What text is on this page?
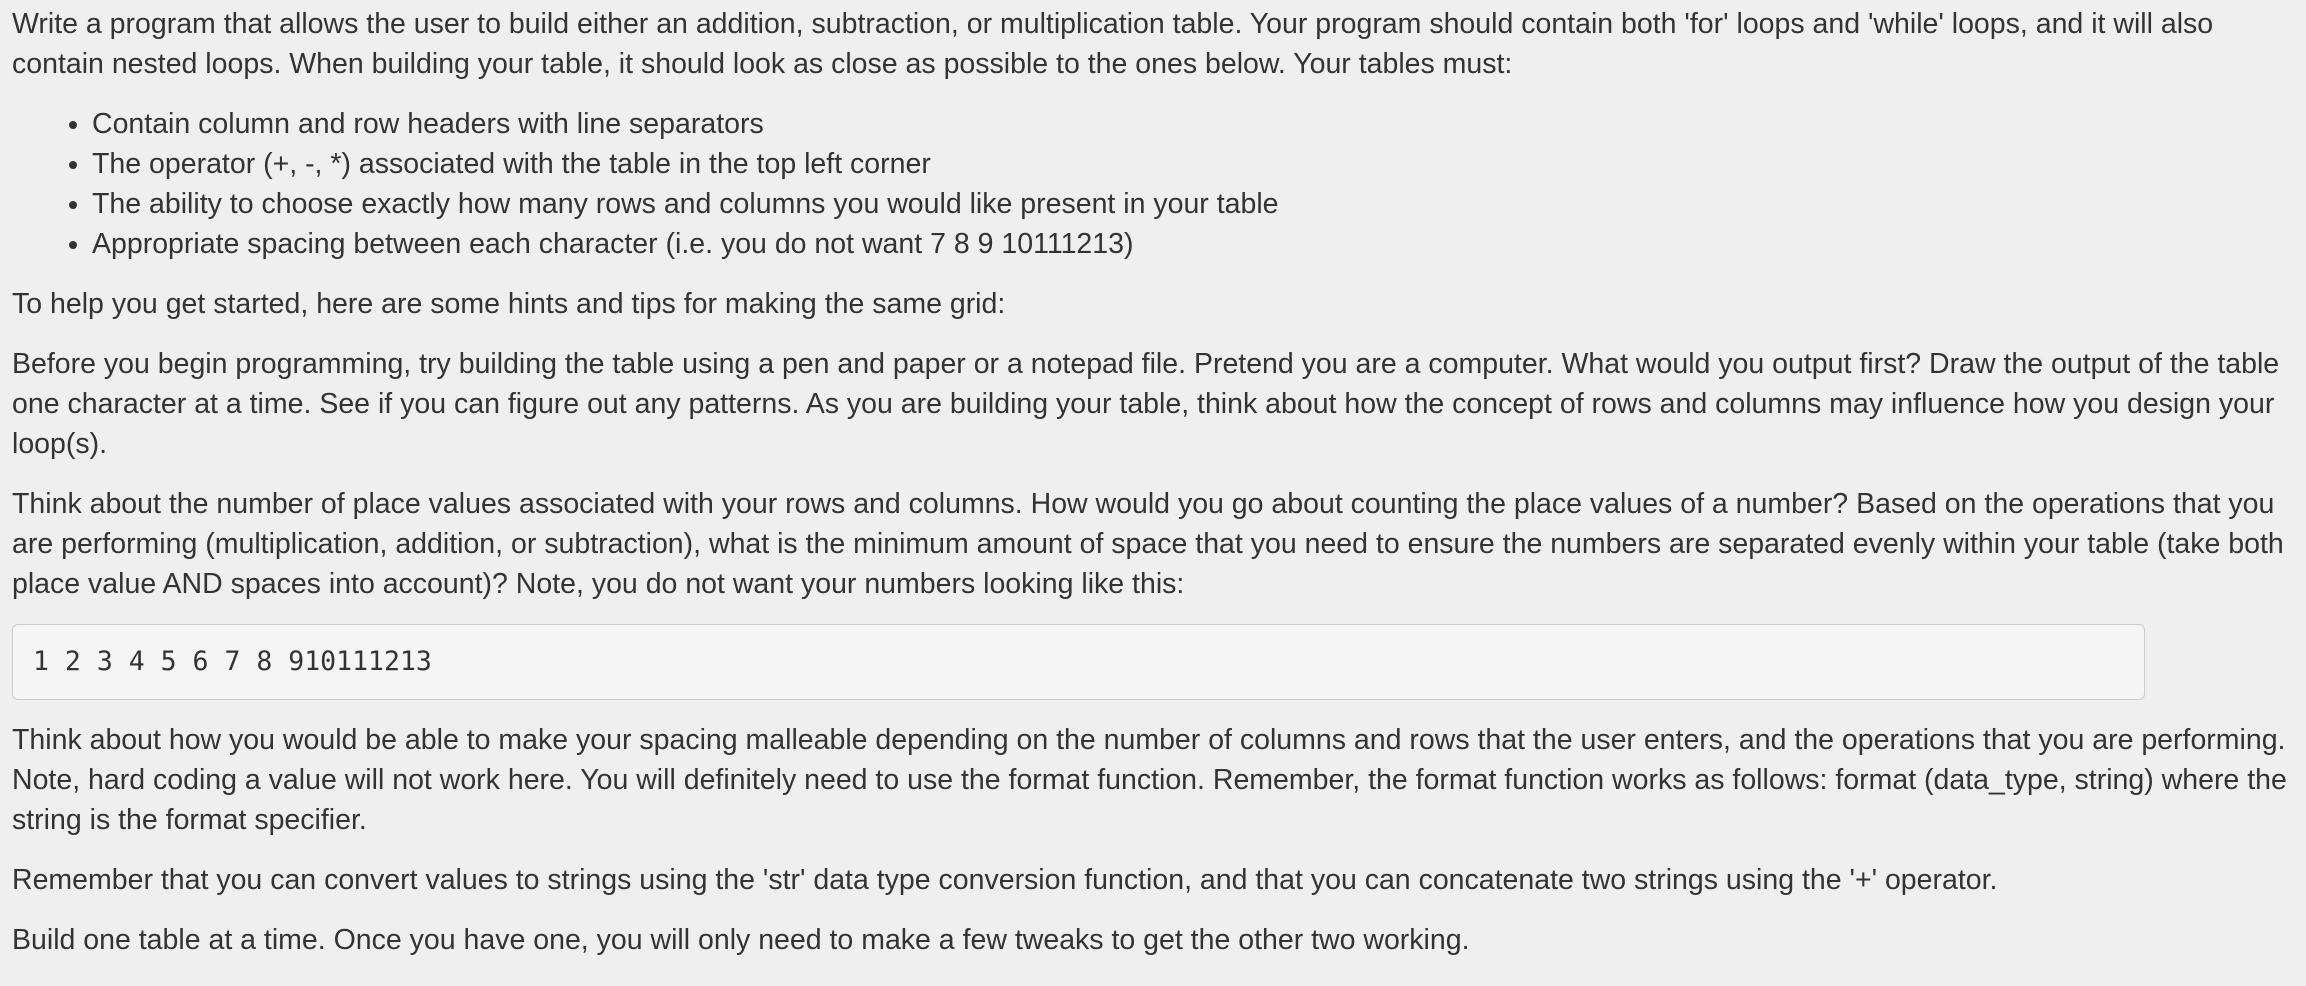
Write a program that allows the user to build either an addition, subtraction, or multiplication table. Your program should contain both 'for' loops and 'while' loops, and it will also contain nested loops. When building your table, it should look as close as possible to the ones below. Your tables must:

• Contain column and row headers with line separators
• The operator (+, -, *) associated with the table in the top left corner
• The ability to choose exactly how many rows and columns you would like present in your table
• Appropriate spacing between each character (i.e. you do not want 7 8 9 10111213)

To help you get started, here are some hints and tips for making the same grid:

Before you begin programming, try building the table using a pen and paper or a notepad file. Pretend you are a computer. What would you output first? Draw the output of the table one character at a time. See if you can figure out any patterns. As you are building your table, think about how the concept of rows and columns may influence how you design your loop(s).

Think about the number of place values associated with your rows and columns. How would you go about counting the place values of a number? Based on the operations that you are performing (multiplication, addition, or subtraction), what is the minimum amount of space that you need to ensure the numbers are separated evenly within your table (take both place value AND spaces into account)? Note, you do not want your numbers looking like this:

1 2 3 4 5 6 7 8 910111213

Think about how you would be able to make your spacing malleable depending on the number of columns and rows that the user enters, and the operations that you are performing. Note, hard coding a value will not work here. You will definitely need to use the format function. Remember, the format function works as follows: format (data_type, string) where the string is the format specifier.

Remember that you can convert values to strings using the 'str' data type conversion function, and that you can concatenate two strings using the '+' operator.

Build one table at a time. Once you have one, you will only need to make a few tweaks to get the other two working.
